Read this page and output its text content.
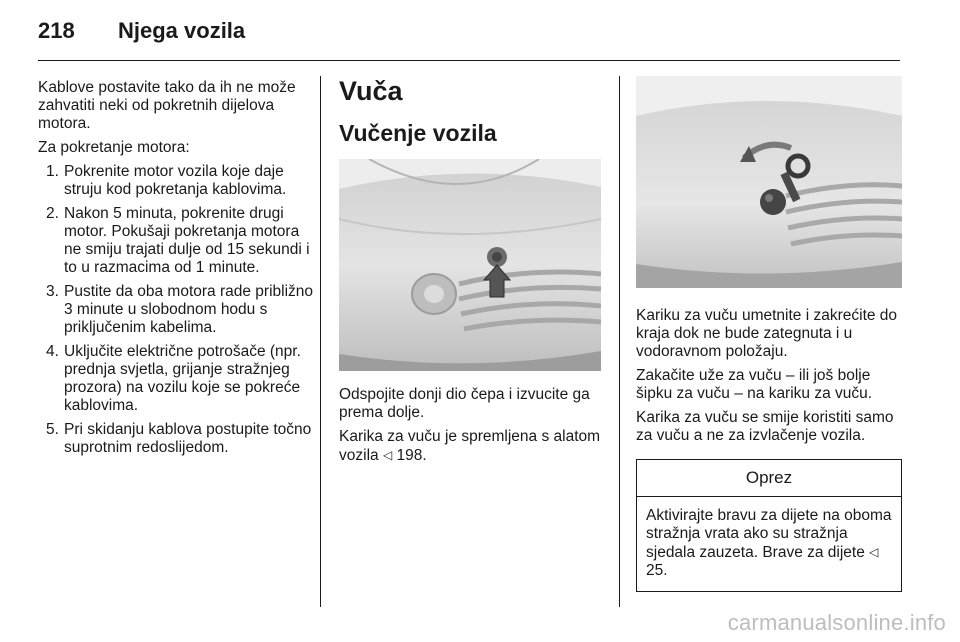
218 Njega vozila

Kablove postavite tako da ih ne može zahvatiti neki od pokretnih dijelova motora.

Za pokretanje motora:

1. Pokrenite motor vozila koje daje struju kod pokretanja kablovima.
2. Nakon 5 minuta, pokrenite drugi motor. Pokušaji pokretanja motora ne smiju trajati dulje od 15 sekundi i to u razmacima od 1 minute.
3. Pustite da oba motora rade približno 3 minute u slobodnom hodu s priključenim kabelima.
4. Uključite električne potrošače (npr. prednja svjetla, grijanje stražnjeg prozora) na vozilu koje se pokreće kablovima.
5. Pri skidanju kablova postupite točno suprotnim redoslijedom.
Vuča
Vučenje vozila

Odspojite donji dio čepa i izvucite ga prema dolje.

Karika za vuču je spremljena s alatom vozila ◁ 198.

Kariku za vuču umetnite i zakrećite do kraja dok ne bude zategnuta i u vodoravnom položaju.

Zakačite uže za vuču – ili još bolje šipku za vuču – na kariku za vuču.

Karika za vuču se smije koristiti samo za vuču a ne za izvlačenje vozila.

Oprez
Aktivirajte bravu za dijete na oboma stražnja vrata ako su stražnja sjedala zauzeta. Brave za dijete ◁ 25.
carmanualsonline.info
